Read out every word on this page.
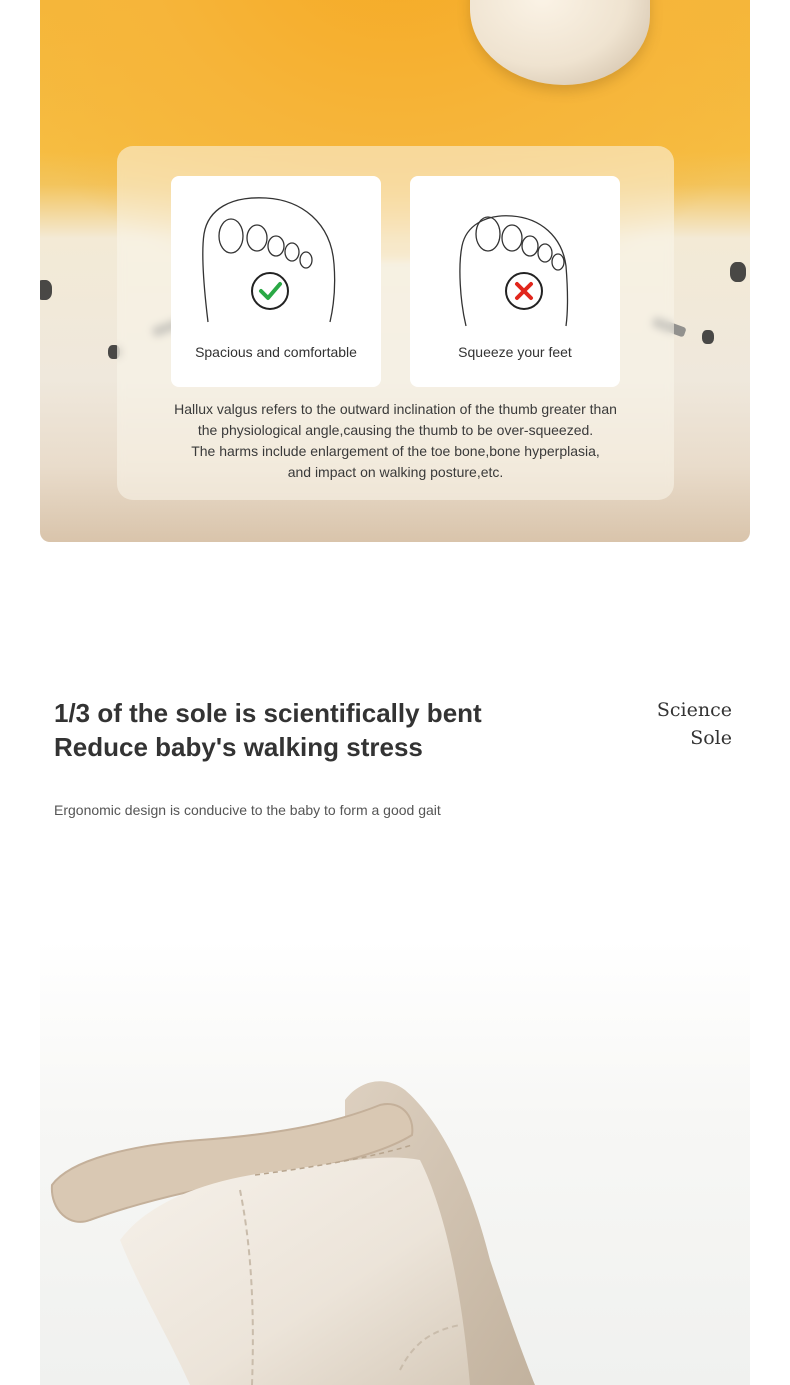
Spacious and comfortable	Squeeze your feet
Hallux valgus refers to the outward inclination of the thumb greater than
the physiological angle,causing the thumb to be over-squeezed.
The harms include enlargement of the toe bone,bone hyperplasia,
and impact on walking posture,etc.
1/3 of the sole is scientifically bent
Reduce baby's walking stress
Science
Sole
Ergonomic design is conducive to the baby to form a good gait
